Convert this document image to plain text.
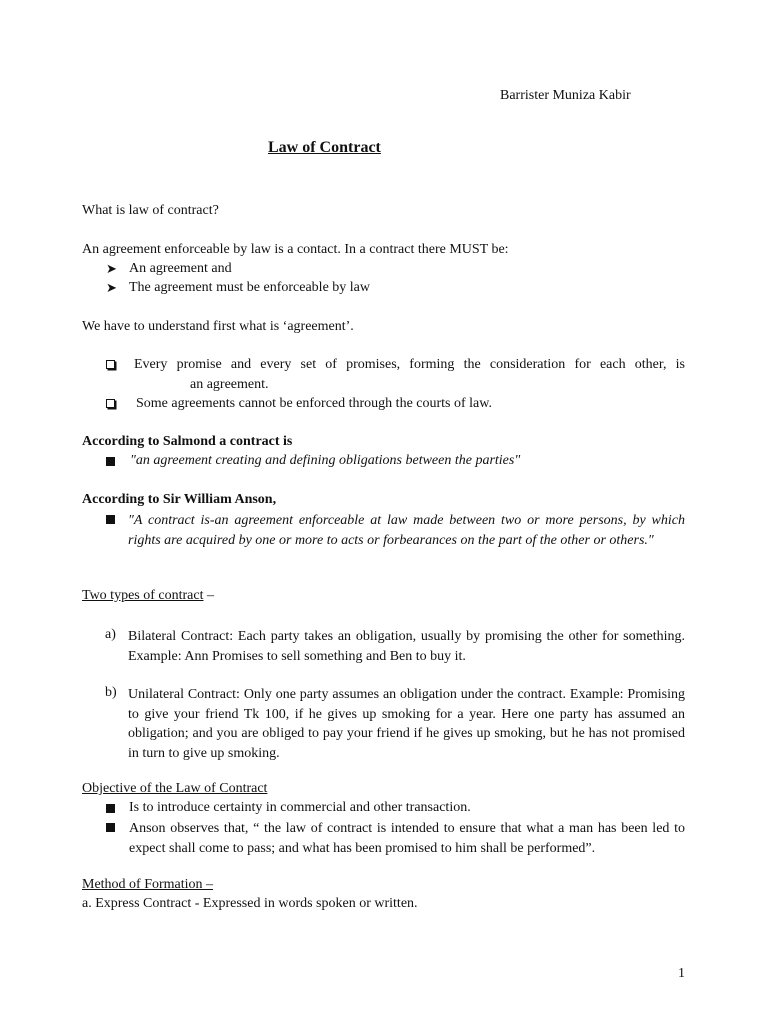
Barrister Muniza Kabir
Law of Contract
What is law of contract?
An agreement enforceable by law is a contact. In a contract there MUST be:
➤ An agreement and
➤ The agreement must be enforceable by law
We have to understand first what is ‘agreement’.
Every promise and every set of promises, forming the consideration for each other, is
an agreement.
Some agreements cannot be enforced through the courts of law.
According to Salmond a contract is
"an agreement creating and defining obligations between the parties"
According to Sir William Anson,
″A contract is-an agreement enforceable at law made between two or more persons, by which rights are acquired by one or more to acts or forbearances on the part of the other or others.″
Two types of contract –
a) Bilateral Contract: Each party takes an obligation, usually by promising the other for something. Example: Ann Promises to sell something and Ben to buy it.
b) Unilateral Contract: Only one party assumes an obligation under the contract. Example: Promising to give your friend Tk 100, if he gives up smoking for a year. Here one party has assumed an obligation; and you are obliged to pay your friend if he gives up smoking, but he has not promised in turn to give up smoking.
Objective of the Law of Contract
Is to introduce certainty in commercial and other transaction.
Anson observes that, “ the law of contract is intended to ensure that what a man has been led to expect shall come to pass; and what has been promised to him shall be performed”.
Method of Formation –
a. Express Contract - Expressed in words spoken or written.
1
